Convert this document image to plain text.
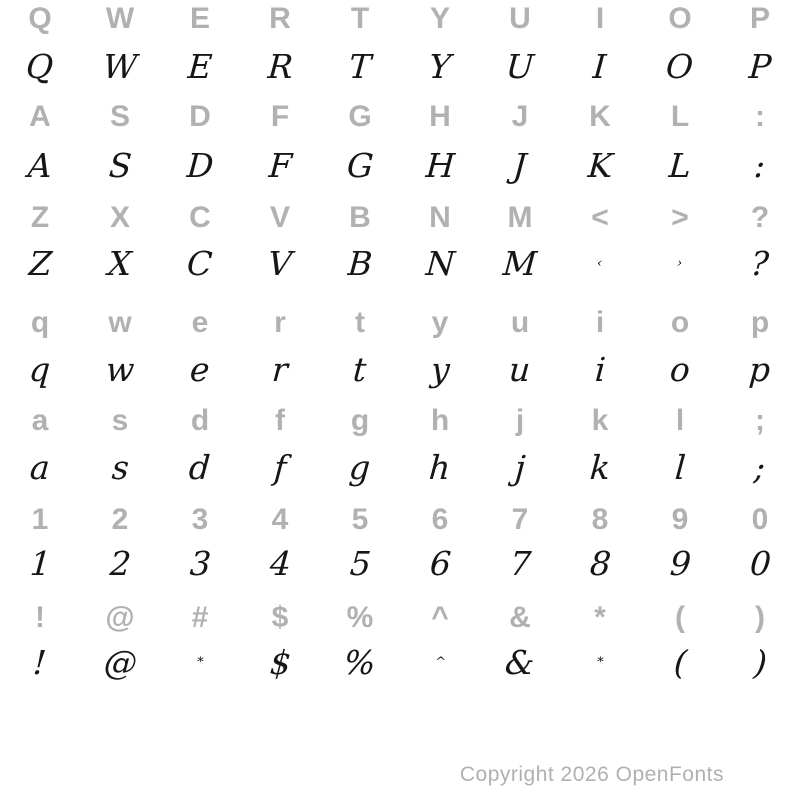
Q W E R T Y U I O P
Q W E R T Y U I O P
A S D F G H J K L :
A S D F G H J K L :
Z X C V B N M < > ?
Z X C V B N M	‹	› ?
q w e r t y u i o p
q w e r t y u i o p
a s d f g h j k l ;
a s d f g h j k l ;
1 2 3 4 5 6 7 8 9 0
1 2 3 4 5 6 7 8 9 0
! @ # $ % ^ & * ( )
! @	* $ %	^ &	* ( )
Copyright 2026 OpenFonts
